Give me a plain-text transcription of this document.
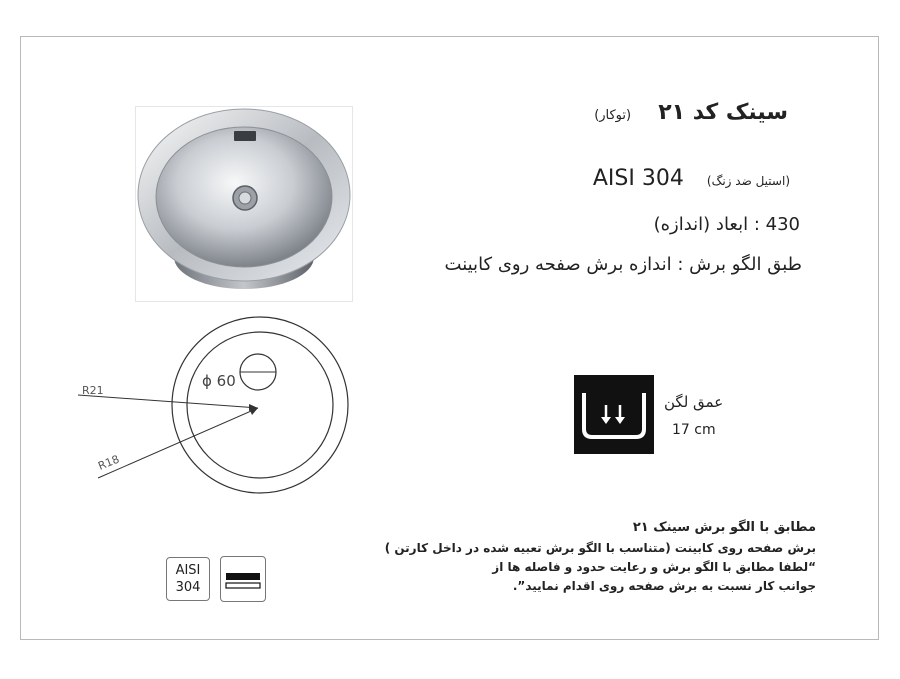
سینک کد ۲۱ (توکار)
(استیل ضد زنگ) AISI 304
430 : ابعاد (اندازه)
طبق الگو برش : اندازه برش صفحه روی کابینت
ϕ 60
R21
R18
عمق لگن
17 cm
AISI
304
مطابق با الگو برش سینک ۲۱
برش صفحه روی کابینت (متناسب با الگو برش تعبیه شده در داخل کارتن )
“لطفا مطابق با الگو برش و رعایت حدود و فاصله ها از
جوانب کار نسبت به برش صفحه روی اقدام نمایید”.
